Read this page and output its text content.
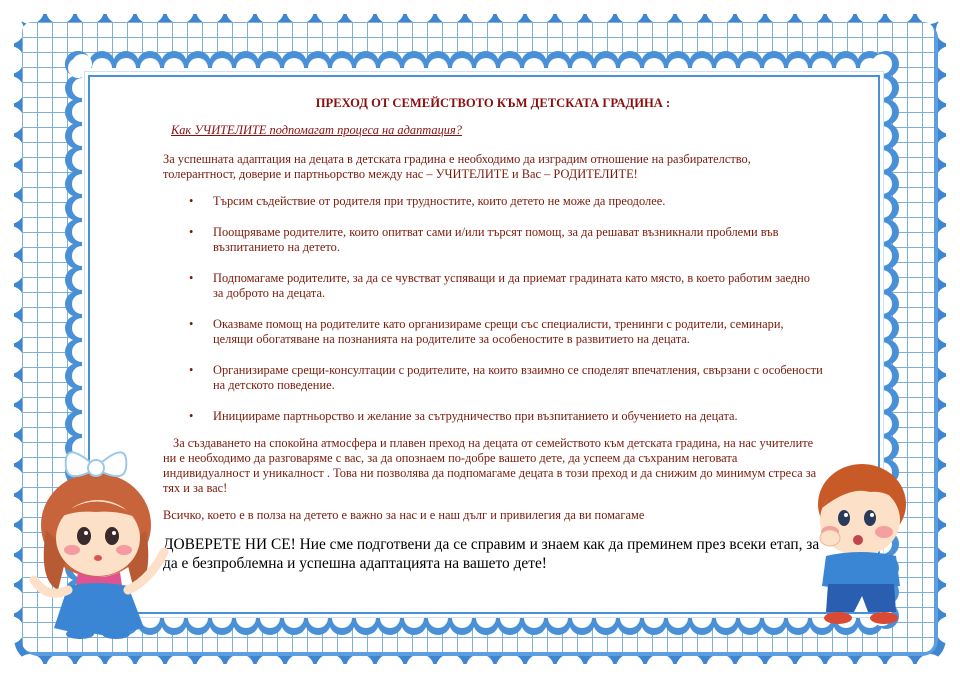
ПРЕХОД ОТ СЕМЕЙСТВОТО КЪМ ДЕТСКАТА ГРАДИНА :
Как УЧИТЕЛИТЕ подпомагат процеса на адаптация?
За успешната адаптация на децата в детската градина е необходимо да изградим отношение на разбирателство, толерантност, доверие и партньорство между нас – УЧИТЕЛИТЕ и Вас – РОДИТЕЛИТЕ!
• Търсим съдействие от родителя при трудностите, които детето не може да преодолее.
• Поощряваме родителите, които опитват сами и/или търсят помощ, за да решават възникнали проблеми във възпитанието на детето.
• Подпомагаме родителите, за да се чувстват успяващи и да приемат градината като място, в което работим заедно за доброто на децата.
• Оказваме помощ на родителите като организираме срещи със специалисти, тренинги с родители, семинари, целящи обогатяване на познанията на родителите за особеностите в развитието на децата.
• Организираме срещи-консултации с родителите, на които взаимно се споделят впечатления, свързани с особености на детското поведение.
• Инициираме партньорство и желание за сътрудничество при възпитанието и обучението на децата.
За създаването на спокойна атмосфера и плавен преход на децата от семейството към детската градина, на нас учителите ни е необходимо да разговаряме с вас, за да опознаем по-добре вашето дете, да успеем да съхраним неговата индивидуалност и уникалност . Това ни позволява да подпомагаме децата в този преход и да снижим до минимум стреса за тях и за вас!
Всичко, което е в полза на детето е важно за нас и е наш дълг и привилегия да ви помагаме
ДОВЕРЕТЕ НИ СЕ! Ние сме подготвени да се справим и знаем как да преминем през всеки етап, за да е безпроблемна и успешна адаптацията на вашето дете!
